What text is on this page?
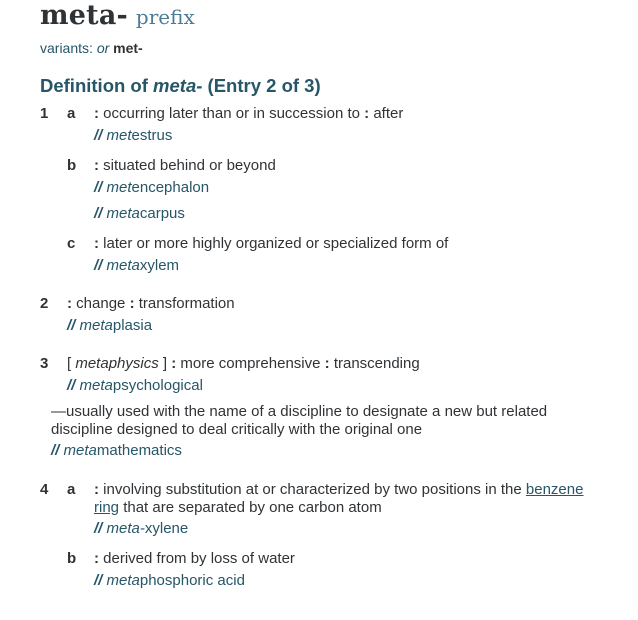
meta- prefix
variants: or met-
Definition of meta- (Entry 2 of 3)
1 a : occurring later than or in succession to : after
// metestrus
b : situated behind or beyond
// metencephalon
// metacarpus
c : later or more highly organized or specialized form of
// metaxylem
2 : change : transformation
// metaplasia
3 [ metaphysics ] : more comprehensive : transcending
// metapsychological
—usually used with the name of a discipline to designate a new but related
discipline designed to deal critically with the original one
// metamathematics
4 a : involving substitution at or characterized by two positions in the benzene
ring that are separated by one carbon atom
// meta-xylene
b : derived from by loss of water
// metaphosphoric acid
